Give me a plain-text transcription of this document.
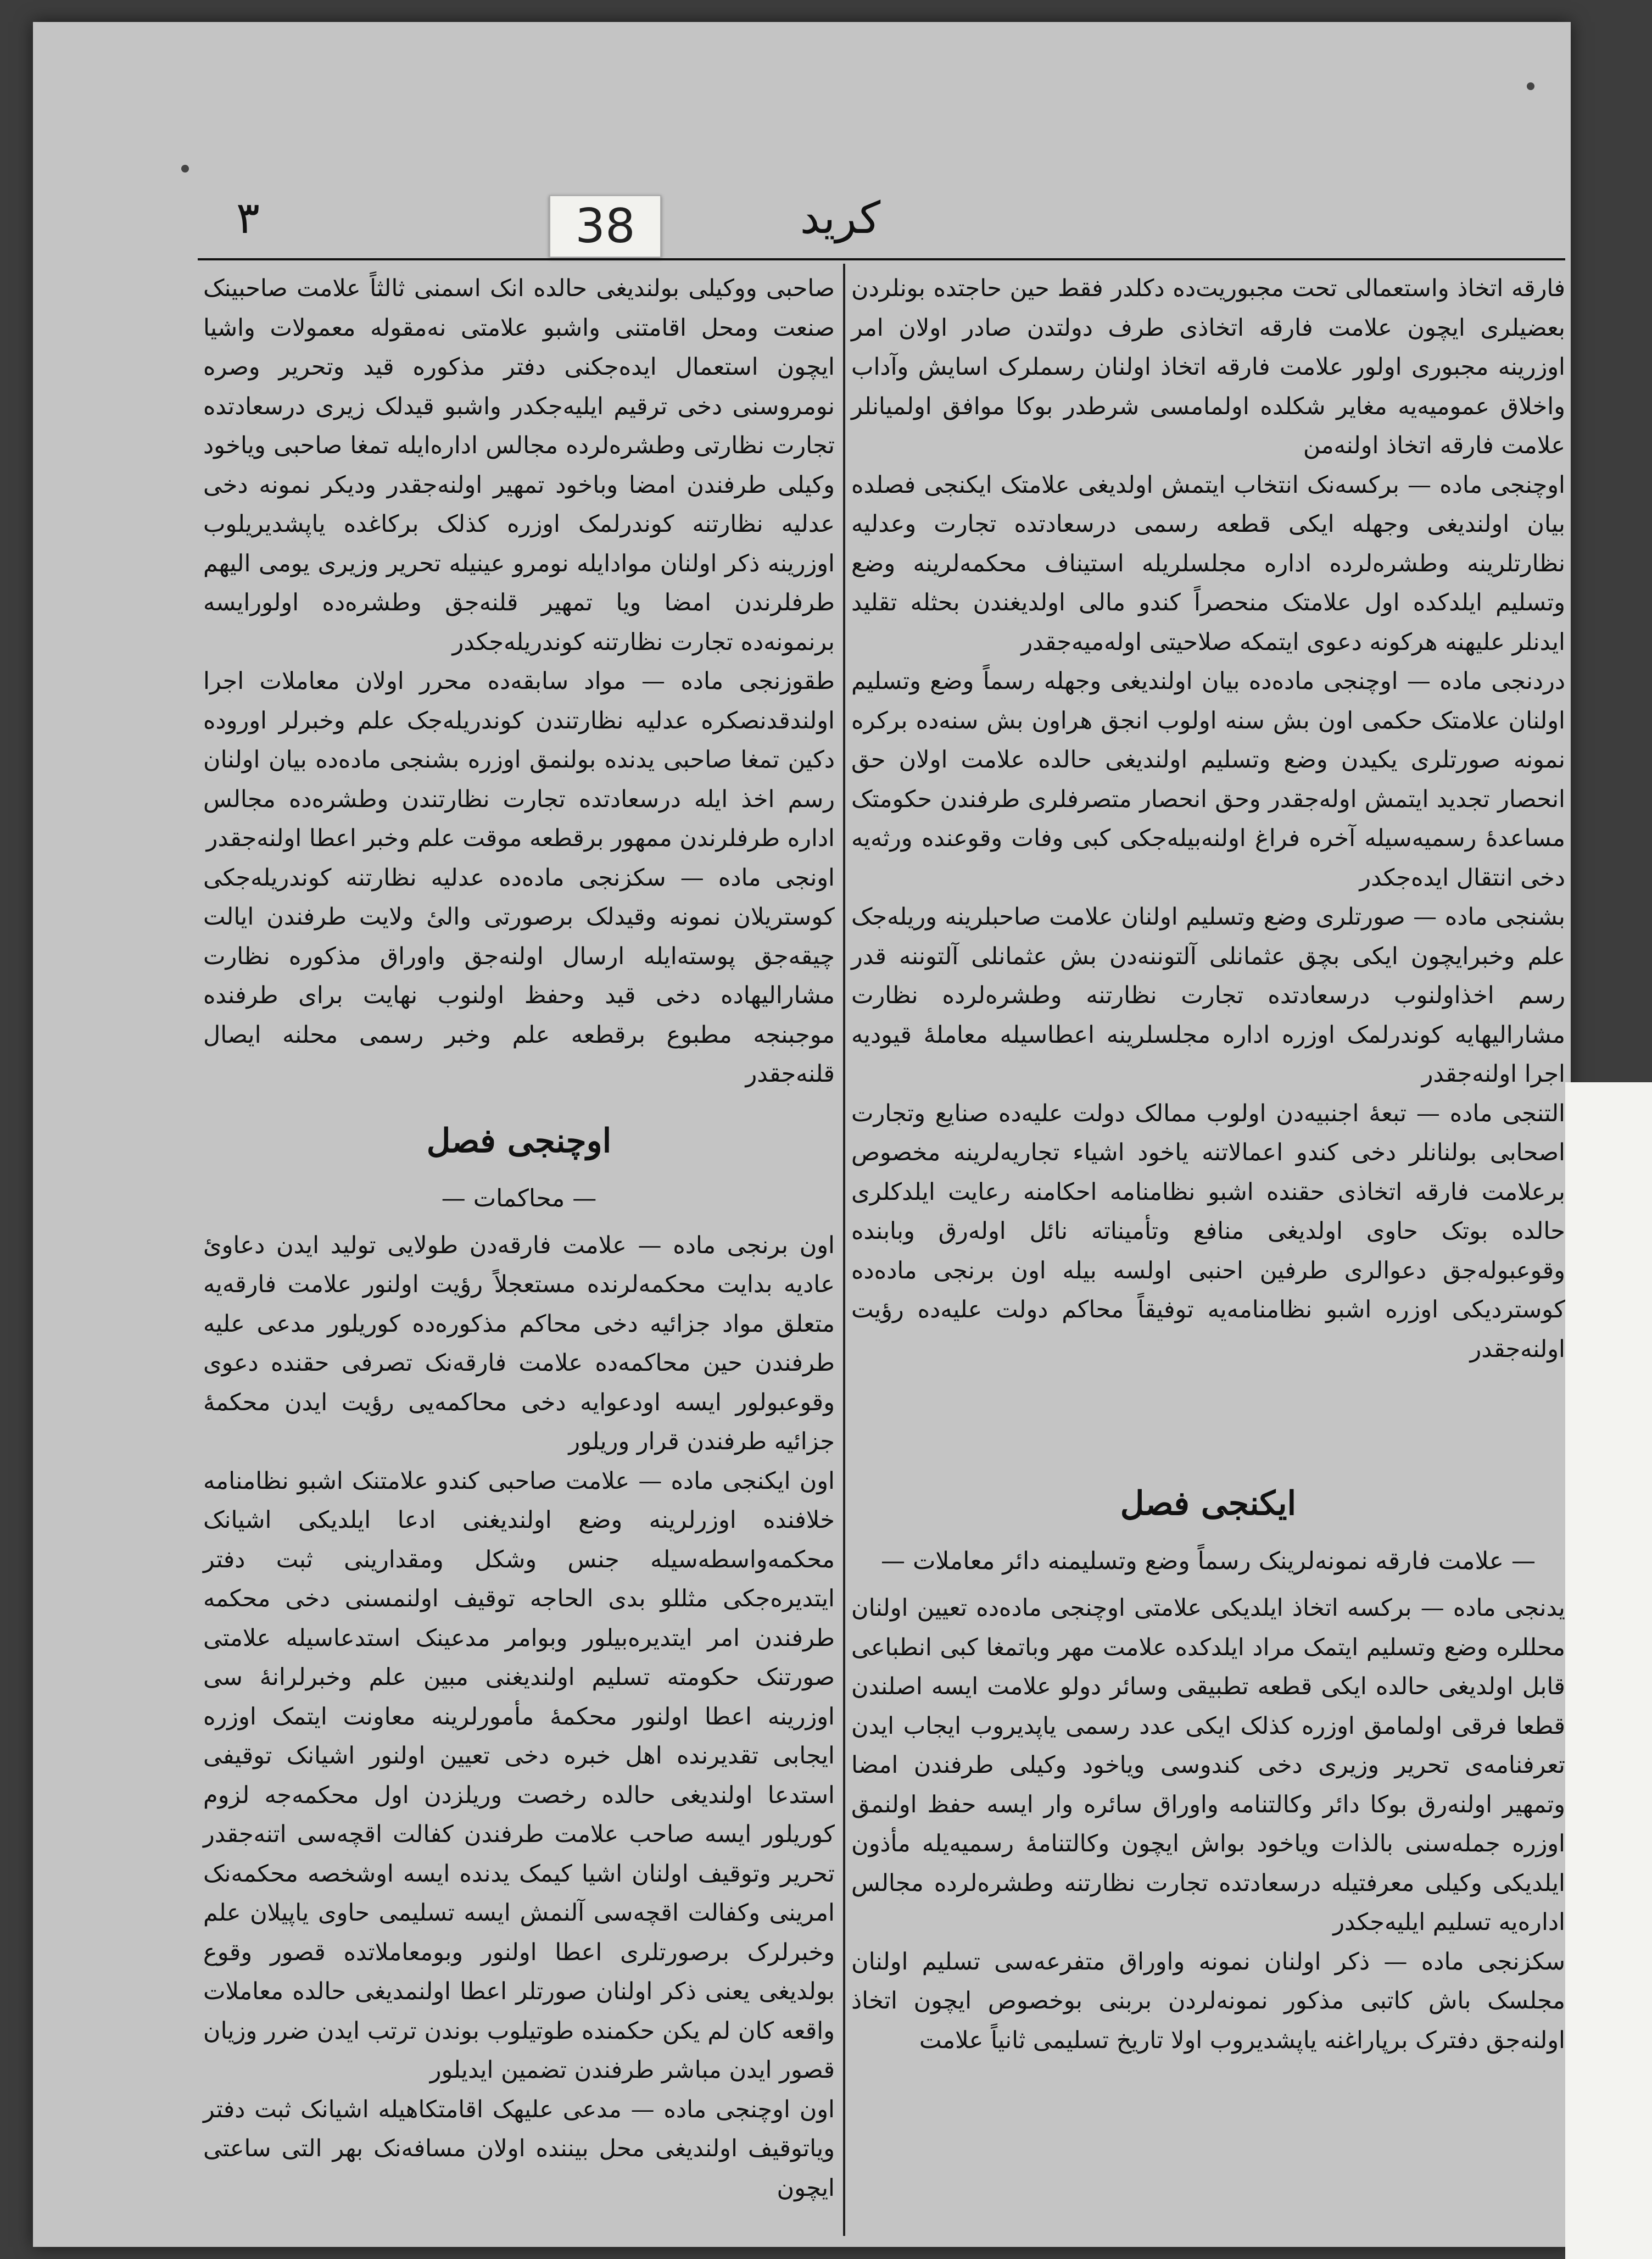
٣	38	کرید

فارقه اتخاذ واستعمالی تحت مجبوریت‌ده دکلدر فقط حین حاجتده بونلردن بعضیلری ایچون علامت فارقه اتخاذی طرف دولتدن صادر اولان امر اوزرینه مجبوری اولور علامت فارقه اتخاذ اولنان رسملرک اسایش وآداب واخلاق عمومیه‌یه مغایر شکلده اولمامسی شرطدر بوکا موافق اولمیانلر علامت فارقه اتخاذ اولنه‌من

اوچنجی ماده — برکسه‌نک انتخاب ایتمش اولدیغی علامتک ایکنجی فصلده بیان اولندیغی وجهله ایکی قطعه رسمی درسعادتده تجارت وعدلیه نظارتلرینه وطشره‌لرده اداره مجلسلریله استیناف محکمه‌لرینه وضع وتسلیم ایلدکده اول علامتک منحصراً کندو مالی اولدیغندن بحثله تقلید ایدنلر علیهنه هرکونه دعوی ایتمکه صلاحیتی اوله‌میه‌جقدر

دردنجی ماده — اوچنجی ماده‌ده بیان اولندیغی وجهله رسماً وضع وتسلیم اولنان علامتک حکمی اون بش سنه اولوب انجق هراون بش سنه‌ده برکره نمونه صورتلری یکیدن وضع وتسلیم اولندیغی حالده علامت اولان حق انحصار تجدید ایتمش اوله‌جقدر وحق انحصار متصرفلری طرفندن حکومتک مساعدهٔ رسمیه‌سیله آخره فراغ اولنه‌بیله‌جکی کبی وفات وقوعنده ورثه‌یه دخی انتقال ایده‌جکدر

بشنجی ماده — صورتلری وضع وتسلیم اولنان علامت صاحبلرینه وریله‌جک علم وخبرایچون ایکی بچق عثمانلی آلتوننه‌دن بش عثمانلی آلتوننه قدر رسم اخذاولنوب درسعادتده تجارت نظارتنه وطشره‌لرده نظارت مشارالیهایه کوندرلمک اوزره اداره مجلسلرینه اعطاسیله معامله‌ٔ قیودیه اجرا اولنه‌جقدر

التنجی ماده — تبعهٔ اجنبیه‌دن اولوب ممالک دولت علیه‌ده صنایع وتجارت اصحابی بولنانلر دخی کندو اعمالاتنه یاخود اشیاء تجاریه‌لرینه مخصوص برعلامت فارقه اتخاذی حقنده اشبو نظامنامه احکامنه رعایت ایلدکلری حالده بوتک حاوی اولدیغی منافع وتأمیناته نائل اوله‌رق وبابنده وقوعبوله‌جق دعوالری طرفین احنبی اولسه بیله اون برنجی ماده‌ده کوستردیکی اوزره اشبو نظامنامه‌یه توفیقاً محاکم دولت علیه‌ده رؤیت اولنه‌جقدر

ایکنجی فصل
— علامت فارقه نمونه‌لرینک رسماً وضع وتسلیمنه دائر معاملات —

یدنجی ماده — برکسه اتخاذ ایلدیکی علامتی اوچنجی ماده‌ده تعیین اولنان محللره وضع وتسلیم ایتمک مراد ایلدکده علامت مهر وباتمغا کبی انطباعی قابل اولدیغی حالده ایکی قطعه تطبیقی وسائر دولو علامت ایسه اصلندن قطعا فرقی اولمامق اوزره کذلک ایکی عدد رسمی یاپدیروب ایجاب ایدن تعرفنامه‌ی تحریر وزیری دخی کندوسی ویاخود وکیلی طرفندن امضا وتمهیر اولنه‌رق بوکا دائر وکالتنامه واوراق سائره وار ایسه حفظ اولنمق اوزره جمله‌سنی بالذات ویاخود بواش ایچون وکالتنامهٔ رسمیه‌یله مأذون ایلدیکی وکیلی معرفتیله درسعادتده تجارت نظارتنه وطشره‌لرده مجالس اداره‌یه تسلیم ایلیه‌جکدر

سکزنجی ماده — ذکر اولنان نمونه واوراق متفرعه‌سی تسلیم اولنان مجلسک باش کاتبی مذکور نمونه‌لردن بربنی بوخصوص ایچون اتخاذ اولنه‌جق دفترک برپاراغنه یاپشدیروب اولا تاریخ تسلیمی ثانیاً علامت

صاحبی ووکیلی بولندیغی حالده انک اسمنی ثالثاً علامت صاحبینک صنعت ومحل اقامتنی واشبو علامتی نه‌مقوله معمولات واشیا ایچون استعمال ایده‌جکنی دفتر مذکوره قید وتحریر وصره نومروسنی دخی ترقیم ایلیه‌جکدر واشبو قیدلک زیری درسعادتده تجارت نظارتی وطشره‌لرده مجالس اداره‌ایله تمغا صاحبی ویاخود وکیلی طرفندن امضا وباخود تمهیر اولنه‌جقدر ودیکر نمونه دخی عدلیه نظارتنه کوندرلمک اوزره کذلک برکاغده یاپشدیریلوب اوزرینه ذکر اولنان موادایله نومرو عینیله تحریر وزیری یومی الیهم طرفلرندن امضا ویا تمهیر قلنه‌جق وطشره‌ده اولورایسه برنمونه‌ده تجارت نظارتنه کوندریله‌جکدر

طقوزنجی ماده — مواد سابقه‌ده محرر اولان معاملات اجرا اولندقدنصکره عدلیه نظارتندن کوندریله‌جک علم وخبرلر اوروده دکین تمغا صاحبی یدنده بولنمق اوزره بشنجی ماده‌ده بیان اولنان رسم اخذ ایله درسعادتده تجارت نظارتندن وطشره‌ده مجالس اداره طرفلرندن ممهور برقطعه موقت علم وخبر اعطا اولنه‌جقدر

اونجی ماده — سکزنجی ماده‌ده عدلیه نظارتنه کوندریله‌جکی کوستریلان نمونه وقیدلک برصورتی والیٔ ولایت طرفندن ایالت چیقه‌جق پوسته‌ایله ارسال اولنه‌جق واوراق مذکوره نظارت مشارالیهاده دخی قید وحفظ اولنوب نهایت برای طرفنده موجبنجه مطبوع برقطعه علم وخبر رسمی محلنه ایصال قلنه‌جقدر

اوچنجی فصل
— محاکمات —

اون برنجی ماده — علامت فارقه‌دن طولایی تولید ایدن دعاویٔ عادیه بدایت محکمه‌لرنده مستعجلاً رؤیت اولنور علامت فارقه‌یه متعلق مواد جزائیه دخی محاکم مذکوره‌ده کوریلور مدعی علیه طرفندن حین محاکمه‌ده علامت فارقه‌نک تصرفی حقنده دعوی وقوعبولور ایسه اودعوایه دخی محاکمه‌یی رؤیت ایدن محکمهٔ جزائیه طرفندن قرار وریلور

اون ایکنجی ماده — علامت صاحبی کندو علامتنک اشبو نظامنامه خلافنده اوزرلرینه وضع اولندیغنی ادعا ایلدیکی اشیانک محکمه‌واسطه‌سیله جنس وشکل ومقدارینی ثبت دفتر ایتدیره‌جکی مثللو بدی الحاجه توقیف اولنمسنی دخی محکمه طرفندن امر ایتدیره‌بیلور وبوامر مدعینک استدعاسیله علامتی صورتنک حکومته تسلیم اولندیغنی مبین علم وخبرلرانهٔ سی اوزرینه اعطا اولنور محکمهٔ مأمورلرینه معاونت ایتمک اوزره ایجابی تقدیرنده اهل خبره دخی تعیین اولنور اشیانک توقیفی استدعا اولندیغی حالده رخصت وریلزدن اول محکمه‌جه لزوم کوریلور ایسه صاحب علامت طرفندن کفالت اقچه‌سی اتنه‌جقدر تحریر وتوقیف اولنان اشیا کیمک یدنده ایسه اوشخصه محکمه‌نک امرینی وکفالت اقچه‌سی آلنمش ایسه تسلیمی حاوی یاپیلان علم وخبرلرک برصورتلری اعطا اولنور وبومعاملاتده قصور وقوع بولدیغی یعنی ذکر اولنان صورتلر اعطا اولنمدیغی حالده معاملات واقعه کان لم یکن حکمنده طوتیلوب بوندن ترتب ایدن ضرر وزیان قصور ایدن مباشر طرفندن تضمین ایدیلور

اون اوچنجی ماده — مدعی علیهک اقامتکاهیله اشیانک ثبت دفتر ویاتوقیف اولندیغی محل بیننده اولان مسافه‌نک بهر التی ساعتی ایچون
